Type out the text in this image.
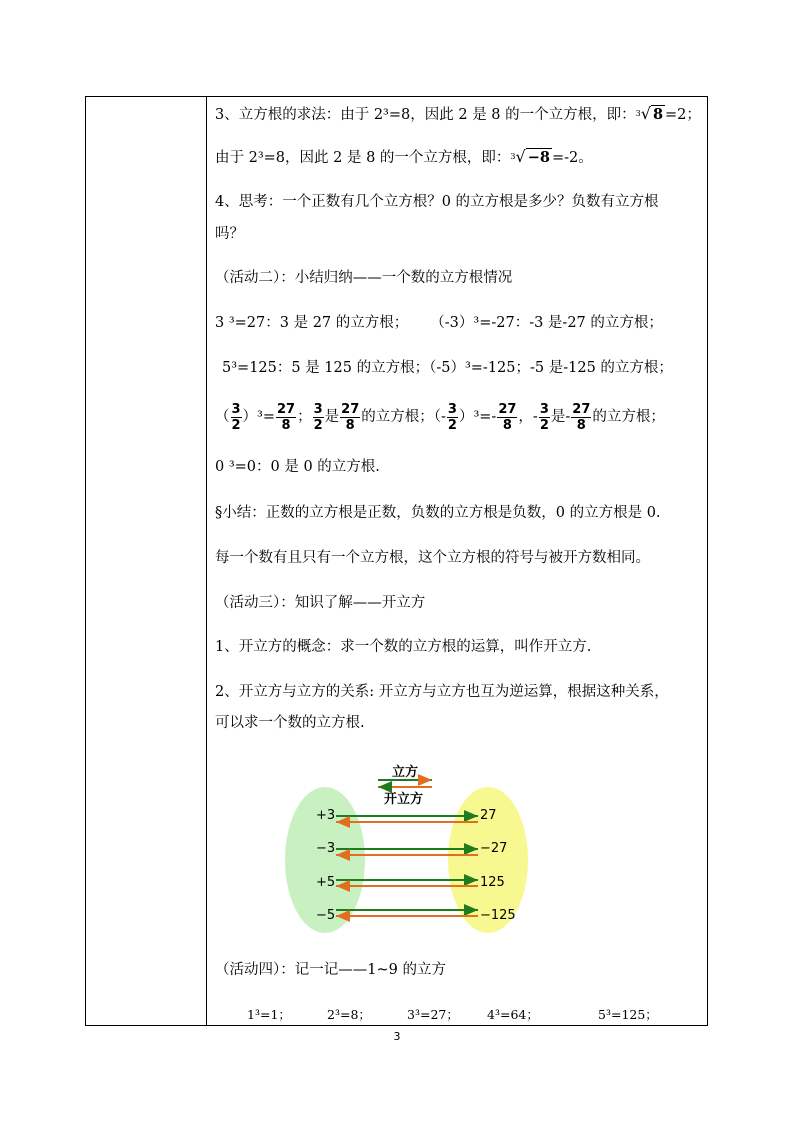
3、立方根的求法：由于 2³=8，因此 2 是 8 的一个立方根，即：$^3$√ 8 =2；
由于 2³=8，因此 2 是 8 的一个立方根，即：$^3$√ −8 =-2。
4、思考：一个正数有几个立方根？0 的立方根是多少？负数有立方根
吗？
（活动二）：小结归纳——一个数的立方根情况
3 ³=27：3 是 27 的立方根； （-3）³=-27：-3 是-27 的立方根；
5³=125：5 是 125 的立方根；（-5）³=-125；-5 是-125 的立方根；
（ $\frac{3}{2} )^3= \frac{27}{8}$ ； $\frac{3}{2}$ 是 $\frac{27}{8}$ 的立方根；（- $\frac{3}{2} )^3=- \frac{27}{8}$ ，- $\frac{3}{2}$ 是- $\frac{27}{8}$ 的立方根；
0 ³=0：0 是 0 的立方根.
§小结：正数的立方根是正数，负数的立方根是负数，0 的立方根是 0.
每一个数有且只有一个立方根，这个立方根的符号与被开方数相同。
（活动三）：知识了解——开立方
1、开立方的概念：求一个数的立方根的运算，叫作开立方.
2、开立方与立方的关系: 开立方与立方也互为逆运算，根据这种关系，
可以求一个数的立方根.
立方
开立方
+3	27
−3	−27
+5	125
−5	−125
（活动四）：记一记——1~9 的立方
1³=1；	2³=8；	3³=27； 4³=64；	5³=125；
3
